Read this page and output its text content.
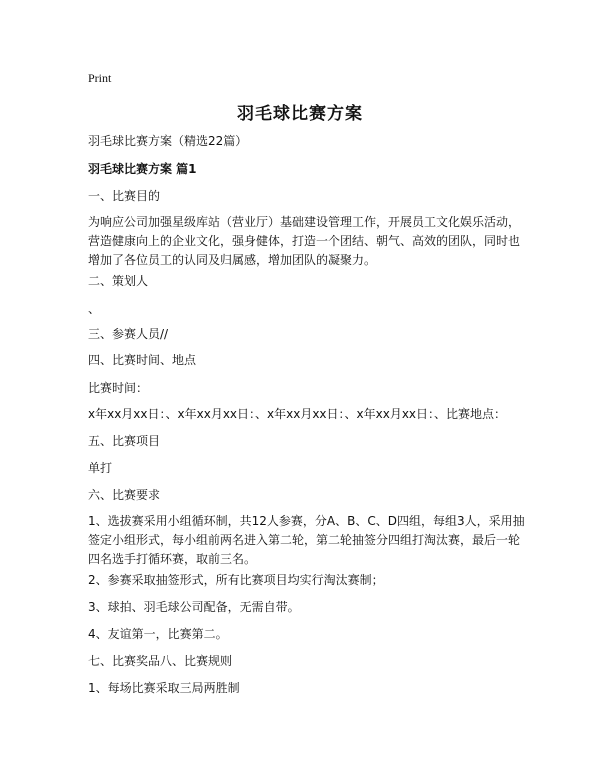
Print
羽毛球比赛方案
羽毛球比赛方案（精选22篇）
羽毛球比赛方案 篇1
一、比赛目的
为响应公司加强星级库站（营业厅）基础建设管理工作，开展员工文化娱乐活动，营造健康向上的企业文化，强身健体，打造一个团结、朝气、高效的团队，同时也增加了各位员工的认同及归属感，增加团队的凝聚力。
二、策划人
、
三、参赛人员//
四、比赛时间、地点
比赛时间：
x年xx月xx日：、x年xx月xx日：、x年xx月xx日：、x年xx月xx日：、比赛地点：
五、比赛项目
单打
六、比赛要求
1、选拔赛采用小组循环制，共12人参赛，分A、B、C、D四组，每组3人，采用抽签定小组形式，每小组前两名进入第二轮，第二轮抽签分四组打淘汰赛，最后一轮四名选手打循环赛，取前三名。
2、参赛采取抽签形式，所有比赛项目均实行淘汰赛制；
3、球拍、羽毛球公司配备，无需自带。
4、友谊第一，比赛第二。
七、比赛奖品八、比赛规则
1、每场比赛采取三局两胜制
